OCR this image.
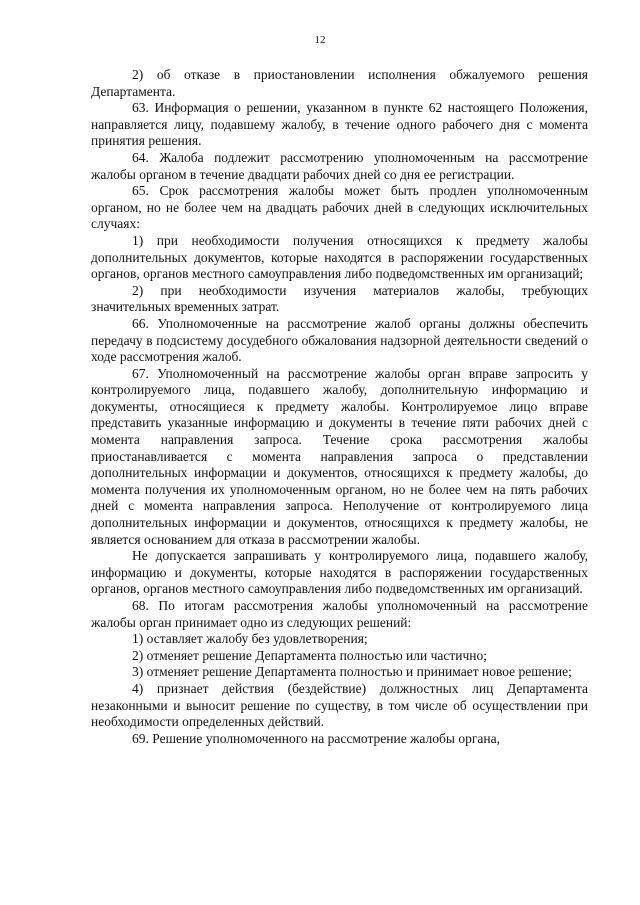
12

2) об отказе в приостановлении исполнения обжалуемого решения Департамента.

63. Информация о решении, указанном в пункте 62 настоящего Положения, направляется лицу, подавшему жалобу, в течение одного рабочего дня с момента принятия решения.

64. Жалоба подлежит рассмотрению уполномоченным на рассмотрение жалобы органом в течение двадцати рабочих дней со дня ее регистрации.

65. Срок рассмотрения жалобы может быть продлен уполномоченным органом, но не более чем на двадцать рабочих дней в следующих исключительных случаях:

1) при необходимости получения относящихся к предмету жалобы дополнительных документов, которые находятся в распоряжении государственных органов, органов местного самоуправления либо подведомственных им организаций;

2) при необходимости изучения материалов жалобы, требующих значительных временных затрат.

66. Уполномоченные на рассмотрение жалоб органы должны обеспечить передачу в подсистему досудебного обжалования надзорной деятельности сведений о ходе рассмотрения жалоб.

67. Уполномоченный на рассмотрение жалобы орган вправе запросить у контролируемого лица, подавшего жалобу, дополнительную информацию и документы, относящиеся к предмету жалобы. Контролируемое лицо вправе представить указанные информацию и документы в течение пяти рабочих дней с момента направления запроса. Течение срока рассмотрения жалобы приостанавливается с момента направления запроса о представлении дополнительных информации и документов, относящихся к предмету жалобы, до момента получения их уполномоченным органом, но не более чем на пять рабочих дней с момента направления запроса. Неполучение от контролируемого лица дополнительных информации и документов, относящихся к предмету жалобы, не является основанием для отказа в рассмотрении жалобы.

Не допускается запрашивать у контролируемого лица, подавшего жалобу, информацию и документы, которые находятся в распоряжении государственных органов, органов местного самоуправления либо подведомственных им организаций.

68. По итогам рассмотрения жалобы уполномоченный на рассмотрение жалобы орган принимает одно из следующих решений:

1) оставляет жалобу без удовлетворения;

2) отменяет решение Департамента полностью или частично;

3) отменяет решение Департамента полностью и принимает новое решение;

4) признает действия (бездействие) должностных лиц Департамента незаконными и выносит решение по существу, в том числе об осуществлении при необходимости определенных действий.

69. Решение уполномоченного на рассмотрение жалобы органа,
